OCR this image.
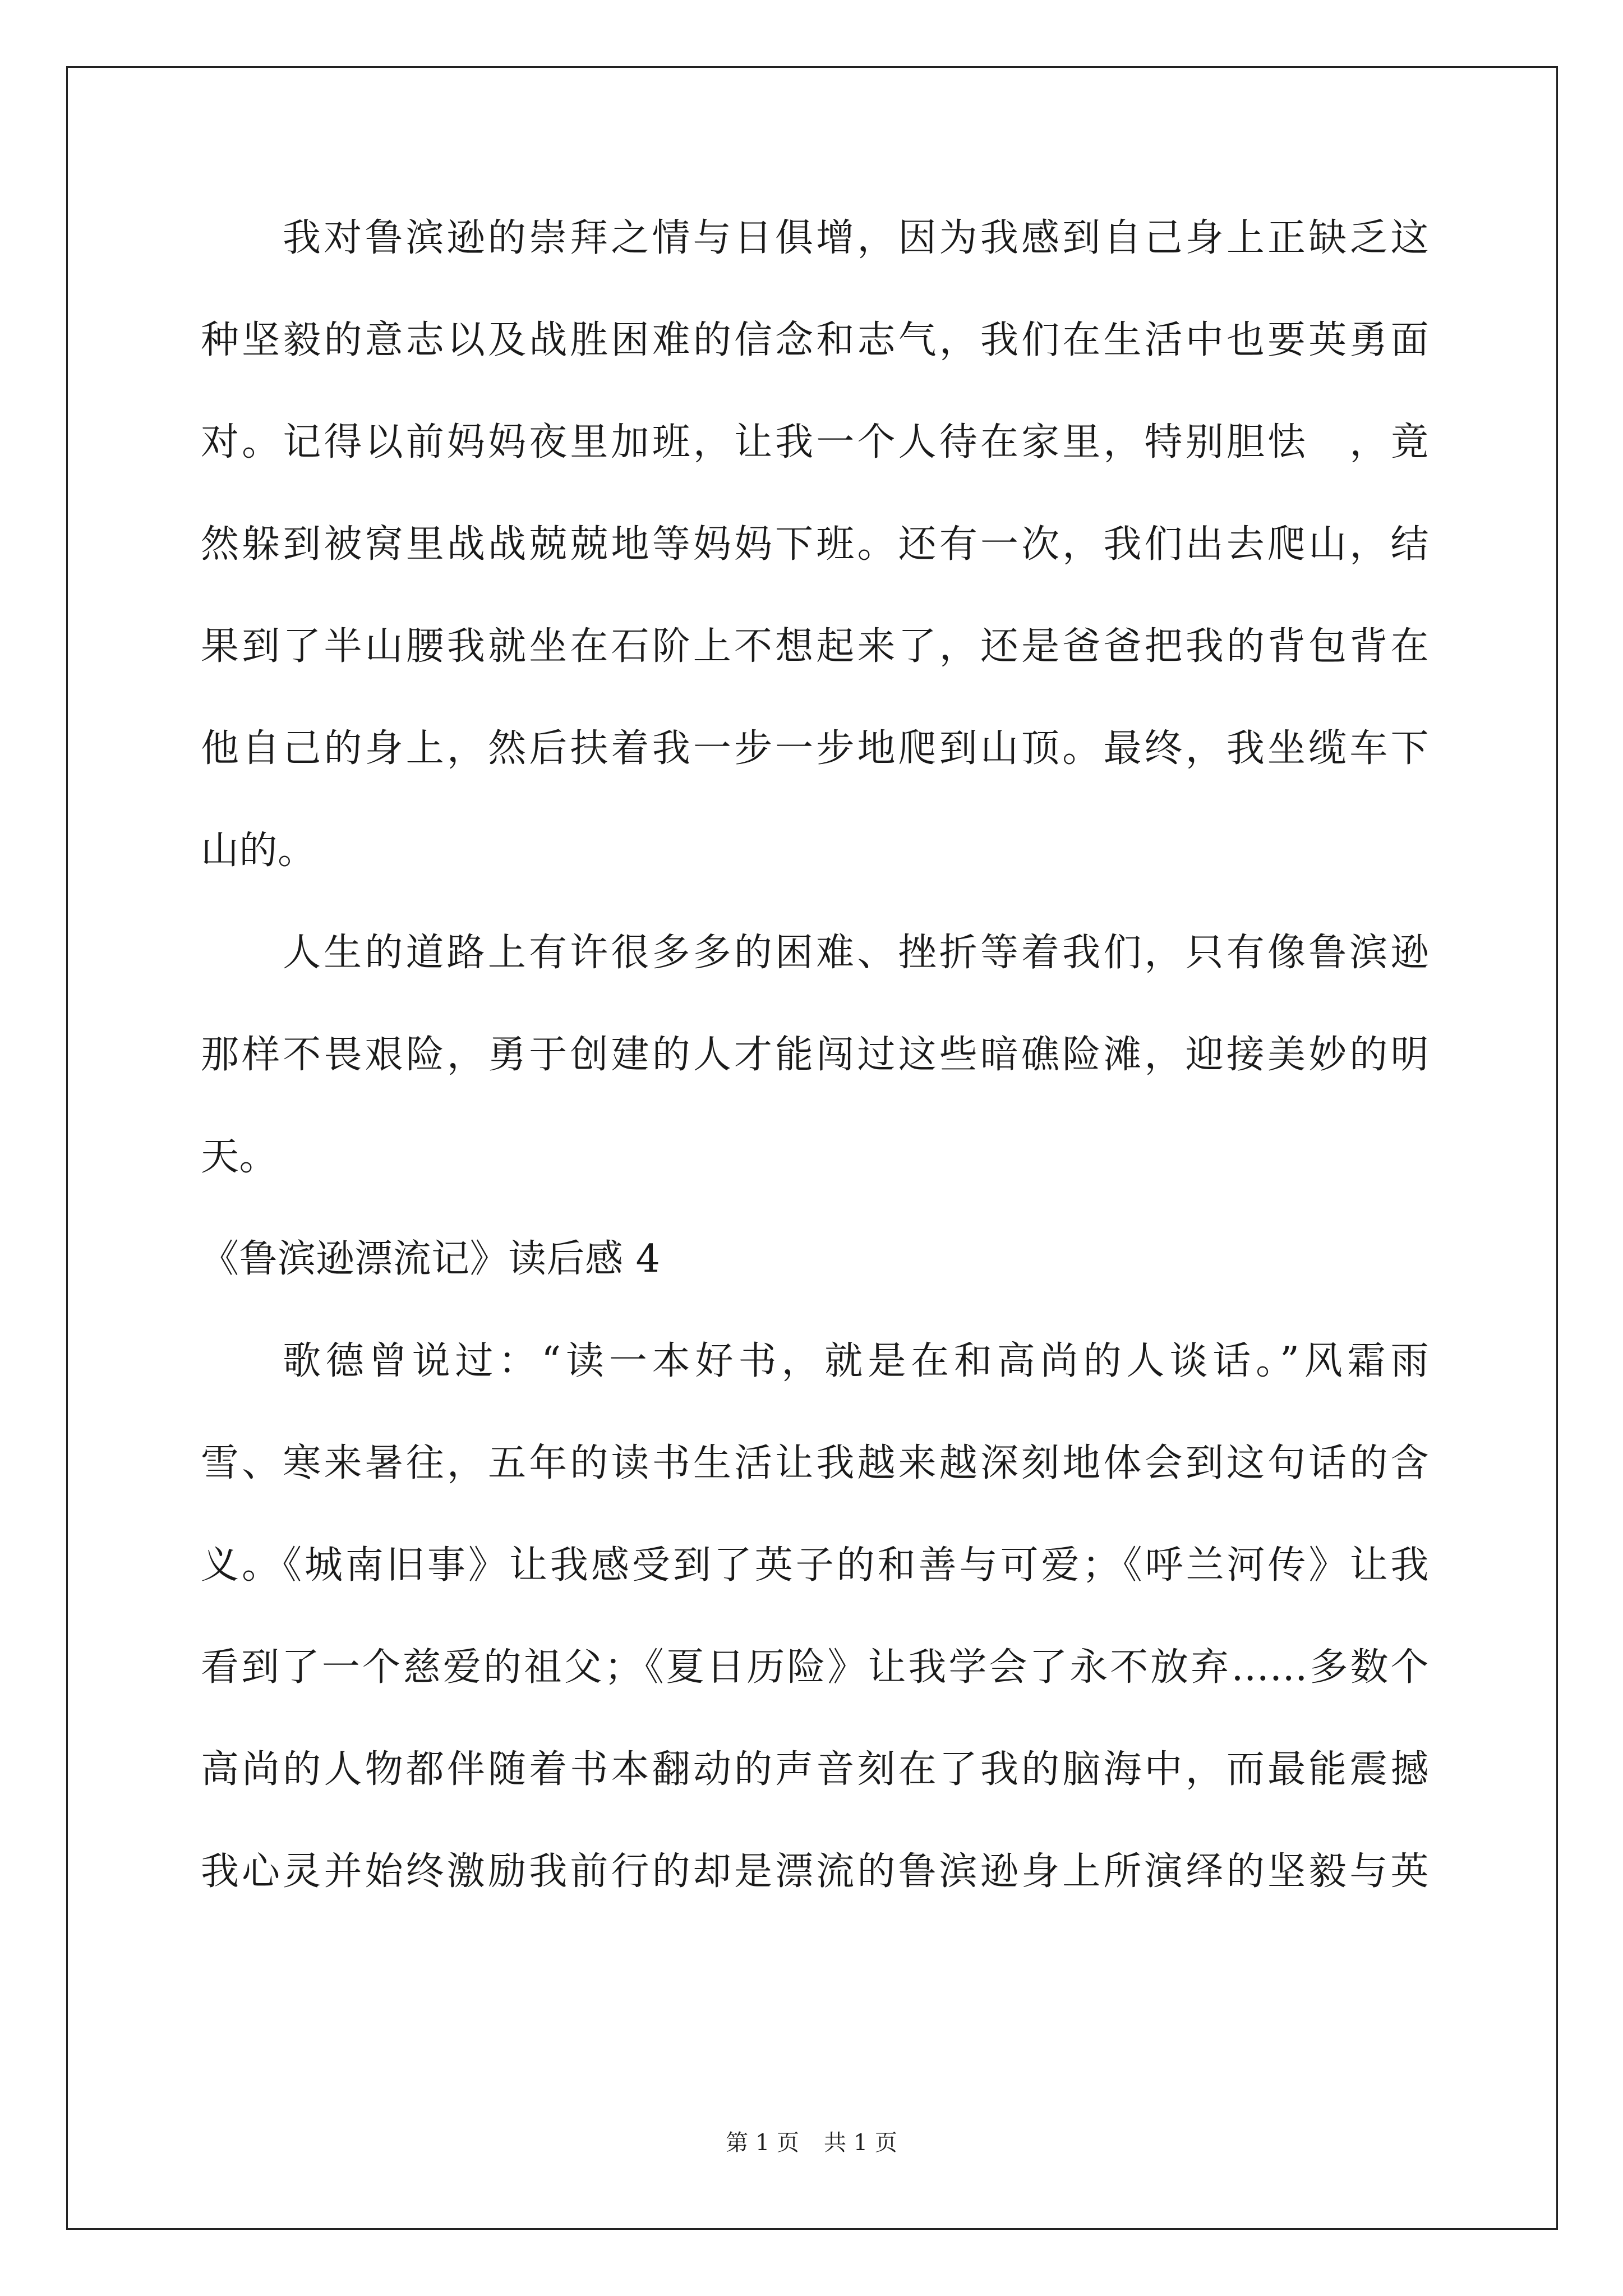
我对鲁滨逊的崇拜之情与日俱增，因为我感到自己身上正缺乏这
种坚毅的意志以及战胜困难的信念和志气，我们在生活中也要英勇面
对。记得以前妈妈夜里加班，让我一个人待在家里，特别胆怯　，竟
然躲到被窝里战战兢兢地等妈妈下班。还有一次，我们出去爬山，结
果到了半山腰我就坐在石阶上不想起来了，还是爸爸把我的背包背在
他自己的身上，然后扶着我一步一步地爬到山顶。最终，我坐缆车下
山的。
人生的道路上有许很多多的困难、挫折等着我们，只有像鲁滨逊
那样不畏艰险，勇于创建的人才能闯过这些暗礁险滩，迎接美妙的明
天。
《鲁滨逊漂流记》读后感 4
歌德曾说过：“读一本好书，就是在和高尚的人谈话。”风霜雨
雪、寒来暑往，五年的读书生活让我越来越深刻地体会到这句话的含
义。《城南旧事》让我感受到了英子的和善与可爱；《呼兰河传》让我
看到了一个慈爱的祖父；《夏日历险》让我学会了永不放弃……多数个
高尚的人物都伴随着书本翻动的声音刻在了我的脑海中，而最能震撼
我心灵并始终激励我前行的却是漂流的鲁滨逊身上所演绎的坚毅与英
第 1 页 共 1 页
